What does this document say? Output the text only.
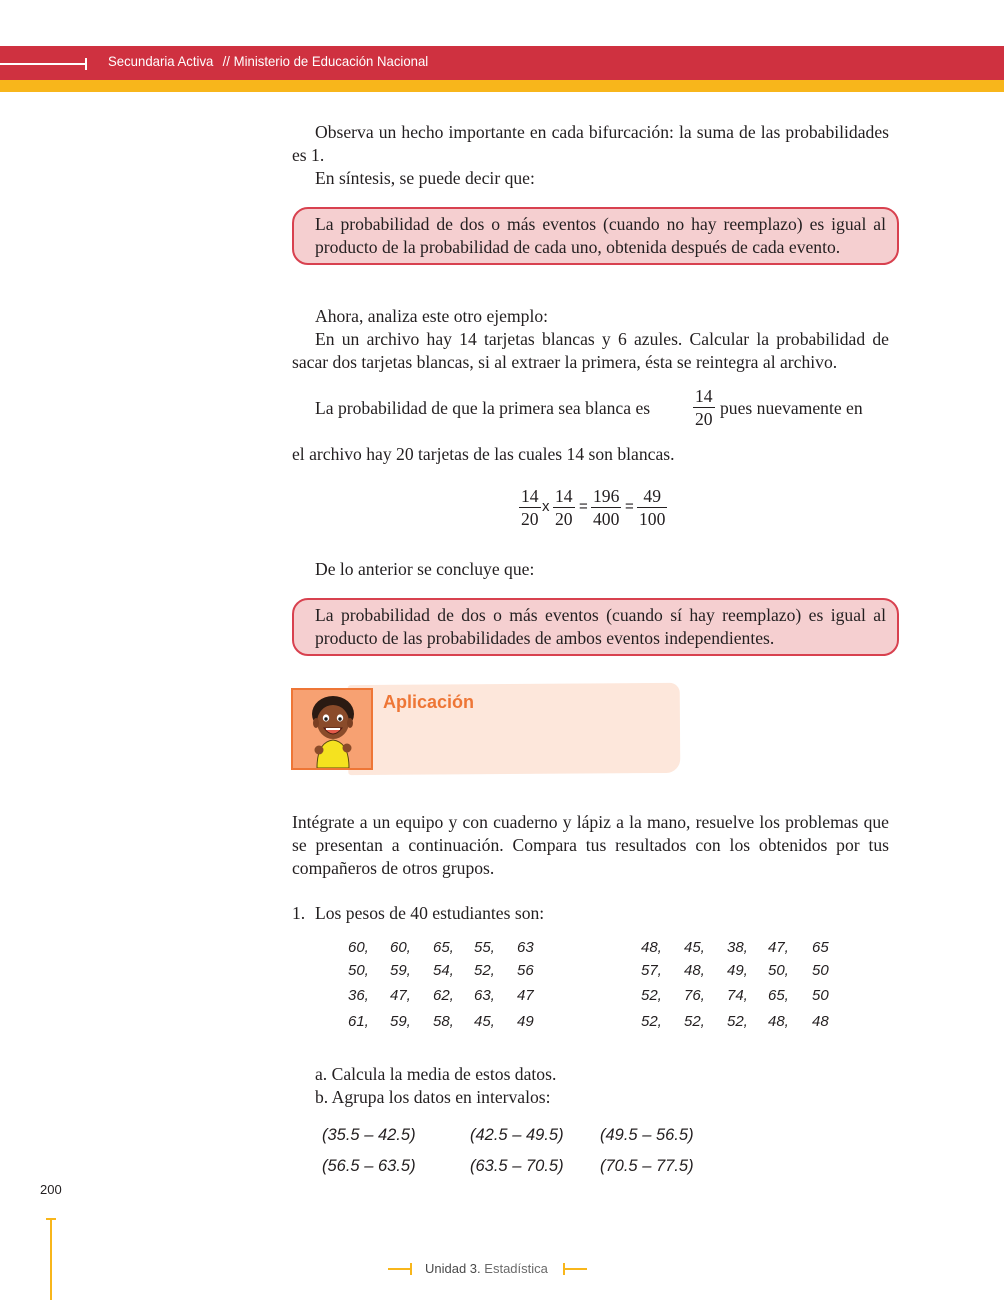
Secundaria Activa // Ministerio de Educación Nacional

Observa un hecho importante en cada bifurcación: la suma de las probabilidades es 1.

En síntesis, se puede decir que:

La probabilidad de dos o más eventos (cuando no hay reemplazo) es igual al producto de la probabilidad de cada uno, obtenida después de cada evento.

Ahora, analiza este otro ejemplo:

En un archivo hay 14 tarjetas blancas y 6 azules. Calcular la probabilidad de sacar dos tarjetas blancas, si al extraer la primera, ésta se reintegra al archivo.

La probabilidad de que la primera sea blanca es $\frac{14}{20}$ pues nuevamente en

el archivo hay 20 tarjetas de las cuales 14 son blancas.

$\frac{14}{20}$ x $\frac{14}{20} = \frac{196}{400} = \frac{49}{100}$

De lo anterior se concluye que:

La probabilidad de dos o más eventos (cuando sí hay reemplazo) es igual al producto de las probabilidades de ambos eventos independientes.

Aplicación

Intégrate a un equipo y con cuaderno y lápiz a la mano, resuelve los problemas que se presentan a continuación. Compara tus resultados con los obtenidos por tus compañeros de otros grupos.

1. Los pesos de 40 estudiantes son:
60, 60, 65, 55, 63
50, 59, 54, 52, 56
36, 47, 62, 63, 47
61, 59, 58, 45, 49
48, 45, 38, 47, 65
57, 48, 49, 50, 50
52, 76, 74, 65, 50
52, 52, 52, 48, 48

a. Calcula la media de estos datos.

b. Agrupa los datos en intervalos:

(35.5 – 42.5)	(42.5 – 49.5) (49.5 – 56.5)
(56.5 – 63.5)	(63.5 – 70.5) (70.5 – 77.5)
200
Unidad 3. Estadística
